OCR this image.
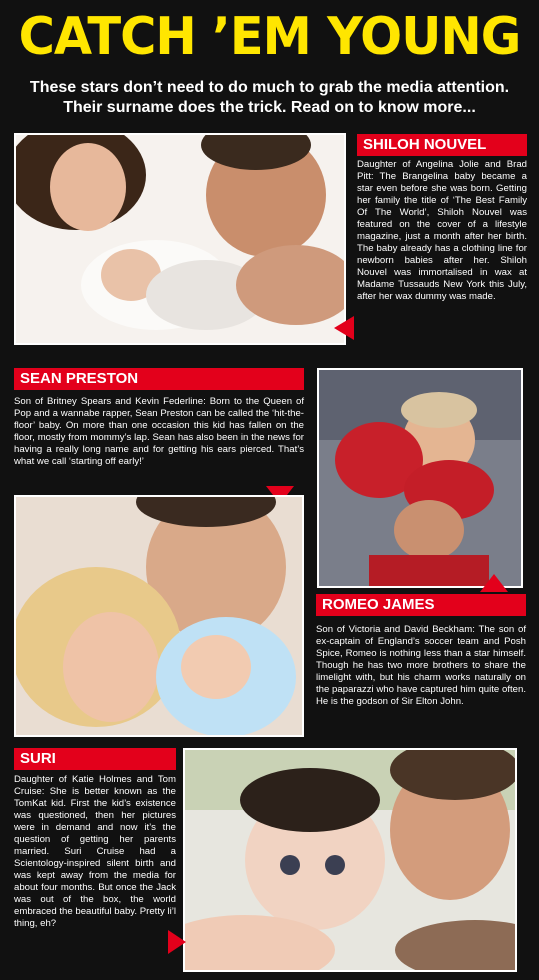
CATCH ’EM YOUNG
These stars don’t need to do much to grab the media attention. Their surname does the trick. Read on to know more...
SHILOH NOUVEL
Daughter of Angelina Jolie and Brad Pitt: The Brangelina baby became a star even before she was born. Getting her family the title of ‘The Best Family Of The World’, Shiloh Nouvel was featured on the cover of a lifestyle magazine, just a month after her birth. The baby already has a clothing line for newborn babies after her. Shiloh Nouvel was immortalised in wax at Madame Tussauds New York this July, after her wax dummy was made.
SEAN PRESTON
Son of Britney Spears and Kevin Federline: Born to the Queen of Pop and a wannabe rapper, Sean Preston can be called the ‘hit-the-floor’ baby. On more than one occasion this kid has fallen on the floor, mostly from mommy’s lap. Sean has also been in the news for having a really long name and for getting his ears pierced. That’s what we call ‘starting off early!’
ROMEO JAMES
Son of Victoria and David Beckham: The son of ex-captain of England’s soccer team and Posh Spice, Romeo is nothing less than a star himself. Though he has two more brothers to share the limelight with, but his charm works naturally on the paparazzi who have captured him quite often. He is the godson of Sir Elton John.
SURI
Daughter of Katie Holmes and Tom Cruise: She is better known as the TomKat kid. First the kid’s existence was questioned, then her pictures were in demand and now it’s the question of getting her parents married. Suri Cruise had a Scientology-inspired silent birth and was kept away from the media for about four months. But once the Jack was out of the box, the world embraced the beautiful baby. Pretty li’l thing, eh?
